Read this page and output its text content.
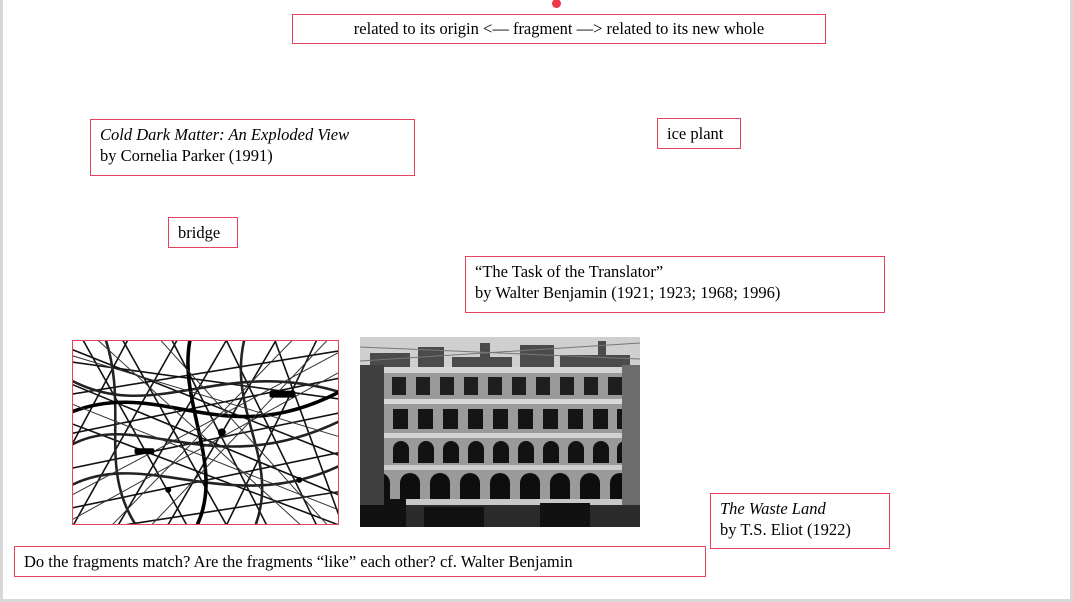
related to its origin <— fragment —> related to its new whole
Cold Dark Matter: An Exploded View
by Cornelia Parker (1991)
ice plant
bridge
“The Task of the Translator”
by Walter Benjamin (1921; 1923; 1968; 1996)
The Waste Land
by T.S. Eliot (1922)
Do the fragments match? Are the fragments “like” each other? cf. Walter Benjamin
